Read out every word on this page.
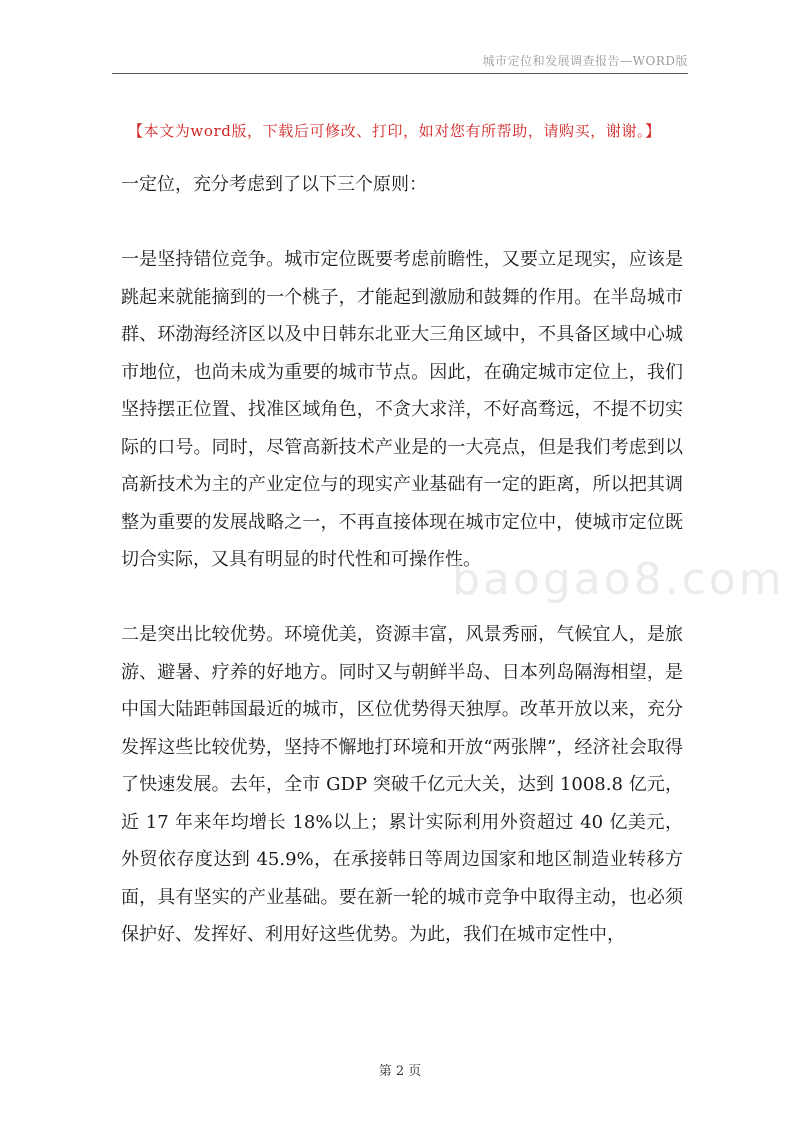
城市定位和发展调查报告—WORD版
【本文为word版，下载后可修改、打印，如对您有所帮助，请购买，谢谢。】

一定位，充分考虑到了以下三个原则：

一是坚持错位竞争。城市定位既要考虑前瞻性，又要立足现实，应该是跳起来就能摘到的一个桃子，才能起到激励和鼓舞的作用。在半岛城市群、环渤海经济区以及中日韩东北亚大三角区域中，不具备区域中心城市地位，也尚未成为重要的城市节点。因此，在确定城市定位上，我们坚持摆正位置、找准区域角色，不贪大求洋，不好高骛远，不提不切实际的口号。同时，尽管高新技术产业是的一大亮点，但是我们考虑到以高新技术为主的产业定位与的现实产业基础有一定的距离，所以把其调整为重要的发展战略之一，不再直接体现在城市定位中，使城市定位既切合实际，又具有明显的时代性和可操作性。

二是突出比较优势。环境优美，资源丰富，风景秀丽，气候宜人，是旅游、避暑、疗养的好地方。同时又与朝鲜半岛、日本列岛隔海相望，是中国大陆距韩国最近的城市，区位优势得天独厚。改革开放以来，充分发挥这些比较优势，坚持不懈地打环境和开放“两张牌”，经济社会取得了快速发展。去年，全市 GDP 突破千亿元大关，达到 1008.8 亿元，近 17 年来年均增长 18%以上；累计实际利用外资超过 40 亿美元，外贸依存度达到 45.9%，在承接韩日等周边国家和地区制造业转移方面，具有坚实的产业基础。要在新一轮的城市竞争中取得主动，也必须保护好、发挥好、利用好这些优势。为此，我们在城市定性中，

baogao8.com
第 2 页
